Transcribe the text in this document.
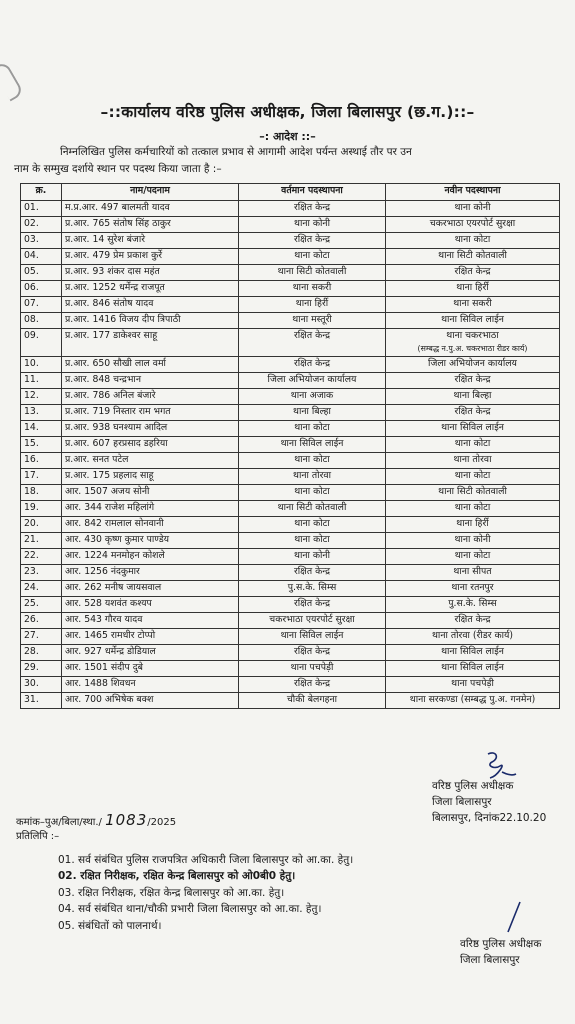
–::कार्यालय वरिष्ठ पुलिस अधीक्षक, जिला बिलासपुर (छ.ग.)::–
–: आदेश ::–
निम्नलिखित पुलिस कर्मचारियों को तत्काल प्रभाव से आगामी आदेश पर्यन्त अस्थाई तौर पर उन
नाम के सम्मुख दर्शाये स्थान पर पदस्थ किया जाता है :–
क्र.	नाम/पदनाम	वर्तमान पदस्थापना	नवीन पदस्थापना
01.	म.प्र.आर. 497 बालमती यादव	रक्षित केन्द्र	थाना कोनी
02.	प्र.आर. 765 संतोष सिंह ठाकुर	थाना कोनी	चकरभाठा एयरपोर्ट सुरक्षा
03.	प्र.आर. 14 सुरेश बंजारे	रक्षित केन्द्र	थाना कोटा
04.	प्र.आर. 479 प्रेम प्रकाश कुर्रे	थाना कोटा	थाना सिटी कोतवाली
05.	प्र.आर. 93 शंकर दास महंत	थाना सिटी कोतवाली	रक्षित केन्द्र
06.	प्र.आर. 1252 धर्मेन्द्र राजपूत	थाना सकरी	थाना हिर्री
07.	प्र.आर. 846 संतोष यादव	थाना हिर्री	थाना सकरी
08.	प्र.आर. 1416 विजय दीप त्रिपाठी	थाना मस्तूरी	थाना सिविल लाईन
09.	प्र.आर. 177 डाकेश्वर साहू	रक्षित केन्द्र	थाना चकरभाठा
(सम्बद्ध न.पु.अ. चकरभाठा रीडर कार्य)

10.	प्र.आर. 650 सौखी लाल वर्मा	रक्षित केन्द्र	जिला अभियोजन कार्यालय
11.	प्र.आर. 848 चन्द्रभान	जिला अभियोजन कार्यालय	रक्षित केन्द्र
12.	प्र.आर. 786 अनिल बंजारे	थाना अजाक	थाना बिल्हा
13.	प्र.आर. 719 निस्तार राम भगत	थाना बिल्हा	रक्षित केन्द्र
14.	प्र.आर. 938 घनश्याम आदिल	थाना कोटा	थाना सिविल लाईन
15.	प्र.आर. 607 हरप्रसाद डहरिया	थाना सिविल लाईन	थाना कोटा
16.	प्र.आर. सनत पटेल	थाना कोटा	थाना तोरवा
17.	प्र.आर. 175 प्रहलाद साहू	थाना तोरवा	थाना कोटा
18.	आर. 1507 अजय सोनी	थाना कोटा	थाना सिटी कोतवाली
19.	आर. 344 राजेश महिलांगे	थाना सिटी कोतवाली	थाना कोटा
20.	आर. 842 रामलाल सोनवानी	थाना कोटा	थाना हिर्री
21.	आर. 430 कृष्ण कुमार पाण्डेय	थाना कोटा	थाना कोनी
22.	आर. 1224 मनमोहन कोशले	थाना कोनी	थाना कोटा
23.	आर. 1256 नंदकुमार	रक्षित केन्द्र	थाना सीपत
24.	आर. 262 मनीष जायसवाल	पु.स.के. सिम्स	थाना रतनपुर
25.	आर. 528 यशवंत कश्यप	रक्षित केन्द्र	पु.स.के. सिम्स
26.	आर. 543 गौरव यादव	चकरभाठा एयरपोर्ट सुरक्षा	रक्षित केन्द्र
27.	आर. 1465 रामधीर टोप्पो	थाना सिविल लाईन	थाना तोरवा (रीडर कार्य)
28.	आर. 927 धर्मेन्द्र डोडियाल	रक्षित केन्द्र	थाना सिविल लाईन
29.	आर. 1501 संदीप दुबे	थाना पचपेड़ी	थाना सिविल लाईन
30.	आर. 1488 शिवधन	रक्षित केन्द्र	थाना पचपेड़ी
31.	आर. 700 अभिषेक बक्श	चौकी बेलगहना	थाना सरकण्डा (सम्बद्ध पु.अ. गनमेन)
वरिष्ठ पुलिस अधीक्षक
जिला बिलासपुर
बिलासपुर, दिनांक22.10.20
कमांक–पुअ/बिला/स्था./ 1083/2025
प्रतिलिपि :–
01. सर्व संबंधित पुलिस राजपत्रित अधिकारी जिला बिलासपुर को आ.का. हेतु।
02. रक्षित निरीक्षक, रक्षित केन्द्र बिलासपुर को ओ0बी0 हेतु।
03. रक्षित निरीक्षक, रक्षित केन्द्र बिलासपुर को आ.का. हेतु।
04. सर्व संबंधित थाना/चौकी प्रभारी जिला बिलासपुर को आ.का. हेतु।
05. संबंधितों को पालनार्थ।
वरिष्ठ पुलिस अधीक्षक
जिला बिलासपुर
